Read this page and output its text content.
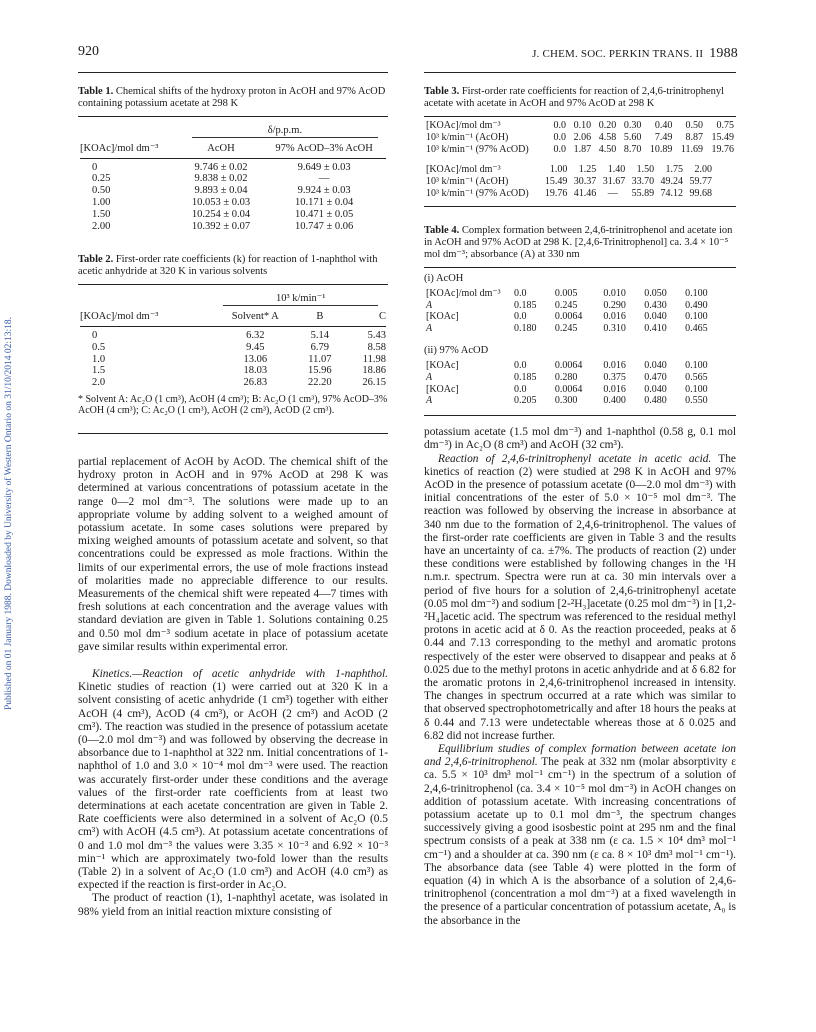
Published on 01 January 1988. Downloaded by University of Western Ontario on 31/10/2014 02:13:18.
920	J. CHEM. SOC. PERKIN TRANS. II 1988
Table 1. Chemical shifts of the hydroxy proton in AcOH and 97% AcOD containing potassium acetate at 298 K
	δ/p.p.m.	

[KOAc]/mol dm⁻³	AcOH	97% AcOD–3% AcOH

0	9.746 ± 0.02	9.649 ± 0.03
0.25	9.838 ± 0.02	—
0.50	9.893 ± 0.04	9.924 ± 0.03
1.00	10.053 ± 0.03	10.171 ± 0.04
1.50	10.254 ± 0.04	10.471 ± 0.05
2.00	10.392 ± 0.07	10.747 ± 0.06
Table 2. First-order rate coefficients (k) for reaction of 1-naphthol with acetic anhydride at 320 K in various solvents
	10³ k/min⁻¹		

[KOAc]/mol dm⁻³	Solvent* A	B	C

0	6.32	5.14	5.43
0.5	9.45	6.79	8.58
1.0	13.06	11.07	11.98
1.5	18.03	15.96	18.86
2.0	26.83	22.20	26.15
* Solvent A: Ac₂O (1 cm³), AcOH (4 cm³); B: Ac₂O (1 cm³), 97% AcOD–3% AcOH (4 cm³); C: Ac₂O (1 cm³), AcOH (2 cm³), AcOD (2 cm³).

partial replacement of AcOH by AcOD. The chemical shift of the hydroxy proton in AcOH and in 97% AcOD at 298 K was determined at various concentrations of potassium acetate in the range 0—2 mol dm⁻³. The solutions were made up to an appropriate volume by adding solvent to a weighed amount of potassium acetate. In some cases solutions were prepared by mixing weighed amounts of potassium acetate and solvent, so that concentrations could be expressed as mole fractions. Within the limits of our experimental errors, the use of mole fractions instead of molarities made no appreciable difference to our results. Measurements of the chemical shift were repeated 4—7 times with fresh solutions at each concentration and the average values with standard deviation are given in Table 1. Solutions containing 0.25 and 0.50 mol dm⁻³ sodium acetate in place of potassium acetate gave similar results within experimental error.

Kinetics.—Reaction of acetic anhydride with 1-naphthol. Kinetic studies of reaction (1) were carried out at 320 K in a solvent consisting of acetic anhydride (1 cm³) together with either AcOH (4 cm³), AcOD (4 cm³), or AcOH (2 cm³) and AcOD (2 cm³). The reaction was studied in the presence of potassium acetate (0—2.0 mol dm⁻³) and was followed by observing the decrease in absorbance due to 1-naphthol at 322 nm. Initial concentrations of 1-naphthol of 1.0 and 3.0 × 10⁻⁴ mol dm⁻³ were used. The reaction was accurately first-order under these conditions and the average values of the first-order rate coefficients from at least two determinations at each acetate concentration are given in Table 2. Rate coefficients were also determined in a solvent of Ac₂O (0.5 cm³) with AcOH (4.5 cm³). At potassium acetate concentrations of 0 and 1.0 mol dm⁻³ the values were 3.35 × 10⁻³ and 6.92 × 10⁻³ min⁻¹ which are approximately two-fold lower than the results (Table 2) in a solvent of Ac₂O (1.0 cm³) and AcOH (4.0 cm³) as expected if the reaction is first-order in Ac₂O.

The product of reaction (1), 1-naphthyl acetate, was isolated in 98% yield from an initial reaction mixture consisting of

Table 3. First-order rate coefficients for reaction of 2,4,6-trinitrophenyl acetate with acetate in AcOH and 97% AcOD at 298 K
[KOAc]/mol dm⁻³	0.0	0.10	0.20	0.30	0.40	0.50	0.75
10³ k/min⁻¹ (AcOH)	0.0	2.06	4.58	5.60	7.49	8.87	15.49
10³ k/min⁻¹ (97% AcOD)	0.0	1.87	4.50	8.70	10.89	11.69	19.76
[KOAc]/mol dm⁻³	1.00	1.25	1.40	1.50	1.75	2.00
10³ k/min⁻¹ (AcOH)	15.49	30.37	31.67	33.70	49.24	59.77
10³ k/min⁻¹ (97% AcOD)	19.76	41.46	—	55.89	74.12	99.68
Table 4. Complex formation between 2,4,6-trinitrophenol and acetate ion in AcOH and 97% AcOD at 298 K. [2,4,6-Trinitrophenol] ca. 3.4 × 10⁻⁵ mol dm⁻³; absorbance (A) at 330 nm
(i) AcOH
[KOAc]/mol dm⁻³	0.0	0.005	0.010	0.050	0.100
A	0.185	0.245	0.290	0.430	0.490
[KOAc]	0.0	0.0064	0.016	0.040	0.100
A	0.180	0.245	0.310	0.410	0.465
(ii) 97% AcOD
[KOAc]	0.0	0.0064	0.016	0.040	0.100
A	0.185	0.280	0.375	0.470	0.565
[KOAc]	0.0	0.0064	0.016	0.040	0.100
A	0.205	0.300	0.400	0.480	0.550

potassium acetate (1.5 mol dm⁻³) and 1-naphthol (0.58 g, 0.1 mol dm⁻³) in Ac₂O (8 cm³) and AcOH (32 cm³).

Reaction of 2,4,6-trinitrophenyl acetate in acetic acid. The kinetics of reaction (2) were studied at 298 K in AcOH and 97% AcOD in the presence of potassium acetate (0—2.0 mol dm⁻³) with initial concentrations of the ester of 5.0 × 10⁻⁵ mol dm⁻³. The reaction was followed by observing the increase in absorbance at 340 nm due to the formation of 2,4,6-trinitrophenol. The values of the first-order rate coefficients are given in Table 3 and the results have an uncertainty of ca. ±7%. The products of reaction (2) under these conditions were established by following changes in the ¹H n.m.r. spectrum. Spectra were run at ca. 30 min intervals over a period of five hours for a solution of 2,4,6-trinitrophenyl acetate (0.05 mol dm⁻³) and sodium [2-²H₃]acetate (0.25 mol dm⁻³) in [1,2-²H₄]acetic acid. The spectrum was referenced to the residual methyl protons in acetic acid at δ 0. As the reaction proceeded, peaks at δ 0.44 and 7.13 corresponding to the methyl and aromatic protons respectively of the ester were observed to disappear and peaks at δ 0.025 due to the methyl protons in acetic anhydride and at δ 6.82 for the aromatic protons in 2,4,6-trinitrophenol increased in intensity. The changes in spectrum occurred at a rate which was similar to that observed spectrophotometrically and after 18 hours the peaks at δ 0.44 and 7.13 were undetectable whereas those at δ 0.025 and 6.82 did not increase further.

Equilibrium studies of complex formation between acetate ion and 2,4,6-trinitrophenol. The peak at 332 nm (molar absorptivity ε ca. 5.5 × 10³ dm³ mol⁻¹ cm⁻¹) in the spectrum of a solution of 2,4,6-trinitrophenol (ca. 3.4 × 10⁻⁵ mol dm⁻³) in AcOH changes on addition of potassium acetate. With increasing concentrations of potassium acetate up to 0.1 mol dm⁻³, the spectrum changes successively giving a good isosbestic point at 295 nm and the final spectrum consists of a peak at 338 nm (ε ca. 1.5 × 10⁴ dm³ mol⁻¹ cm⁻¹) and a shoulder at ca. 390 nm (ε ca. 8 × 10³ dm³ mol⁻¹ cm⁻¹). The absorbance data (see Table 4) were plotted in the form of equation (4) in which A is the absorbance of a solution of 2,4,6-trinitrophenol (concentration a mol dm⁻³) at a fixed wavelength in the presence of a particular concentration of potassium acetate, A₀ is the absorbance in the
